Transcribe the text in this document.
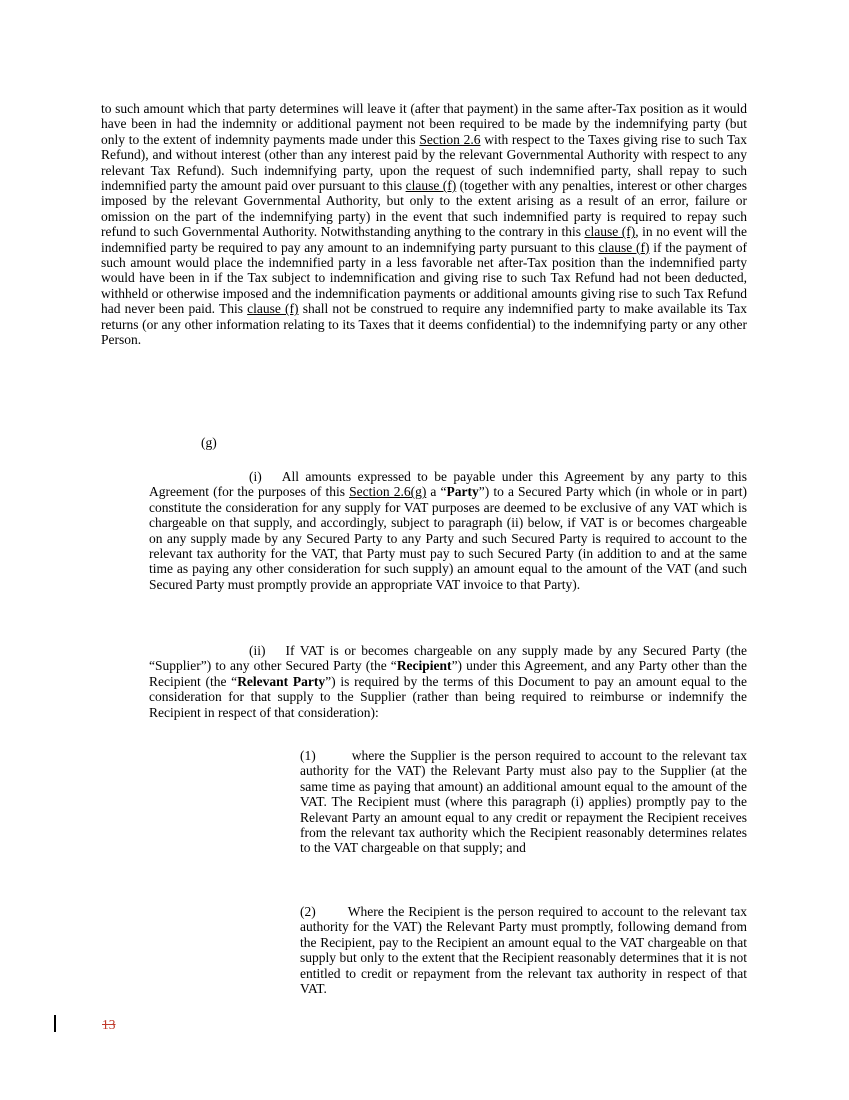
to such amount which that party determines will leave it (after that payment) in the same after-Tax position as it would have been in had the indemnity or additional payment not been required to be made by the indemnifying party (but only to the extent of indemnity payments made under this Section 2.6 with respect to the Taxes giving rise to such Tax Refund), and without interest (other than any interest paid by the relevant Governmental Authority with respect to any relevant Tax Refund). Such indemnifying party, upon the request of such indemnified party, shall repay to such indemnified party the amount paid over pursuant to this clause (f) (together with any penalties, interest or other charges imposed by the relevant Governmental Authority, but only to the extent arising as a result of an error, failure or omission on the part of the indemnifying party) in the event that such indemnified party is required to repay such refund to such Governmental Authority. Notwithstanding anything to the contrary in this clause (f), in no event will the indemnified party be required to pay any amount to an indemnifying party pursuant to this clause (f) if the payment of such amount would place the indemnified party in a less favorable net after-Tax position than the indemnified party would have been in if the Tax subject to indemnification and giving rise to such Tax Refund had not been deducted, withheld or otherwise imposed and the indemnification payments or additional amounts giving rise to such Tax Refund had never been paid. This clause (f) shall not be construed to require any indemnified party to make available its Tax returns (or any other information relating to its Taxes that it deems confidential) to the indemnifying party or any other Person.
(g)
(i) All amounts expressed to be payable under this Agreement by any party to this Agreement (for the purposes of this Section 2.6(g) a “Party”) to a Secured Party which (in whole or in part) constitute the consideration for any supply for VAT purposes are deemed to be exclusive of any VAT which is chargeable on that supply, and accordingly, subject to paragraph (ii) below, if VAT is or becomes chargeable on any supply made by any Secured Party to any Party and such Secured Party is required to account to the relevant tax authority for the VAT, that Party must pay to such Secured Party (in addition to and at the same time as paying any other consideration for such supply) an amount equal to the amount of the VAT (and such Secured Party must promptly provide an appropriate VAT invoice to that Party).
(ii) If VAT is or becomes chargeable on any supply made by any Secured Party (the “Supplier”) to any other Secured Party (the “Recipient”) under this Agreement, and any Party other than the Recipient (the “Relevant Party”) is required by the terms of this Document to pay an amount equal to the consideration for that supply to the Supplier (rather than being required to reimburse or indemnify the Recipient in respect of that consideration):
(1)	where the Supplier is the person required to account to the relevant tax authority for the VAT) the Relevant Party must also pay to the Supplier (at the same time as paying that amount) an additional amount equal to the amount of the VAT. The Recipient must (where this paragraph (i) applies) promptly pay to the Relevant Party an amount equal to any credit or repayment the Recipient receives from the relevant tax authority which the Recipient reasonably determines relates to the VAT chargeable on that supply; and
(2) Where the Recipient is the person required to account to the relevant tax authority for the VAT) the Relevant Party must promptly, following demand from the Recipient, pay to the Recipient an amount equal to the VAT chargeable on that supply but only to the extent that the Recipient reasonably determines that it is not entitled to credit or repayment from the relevant tax authority in respect of that VAT.
13
